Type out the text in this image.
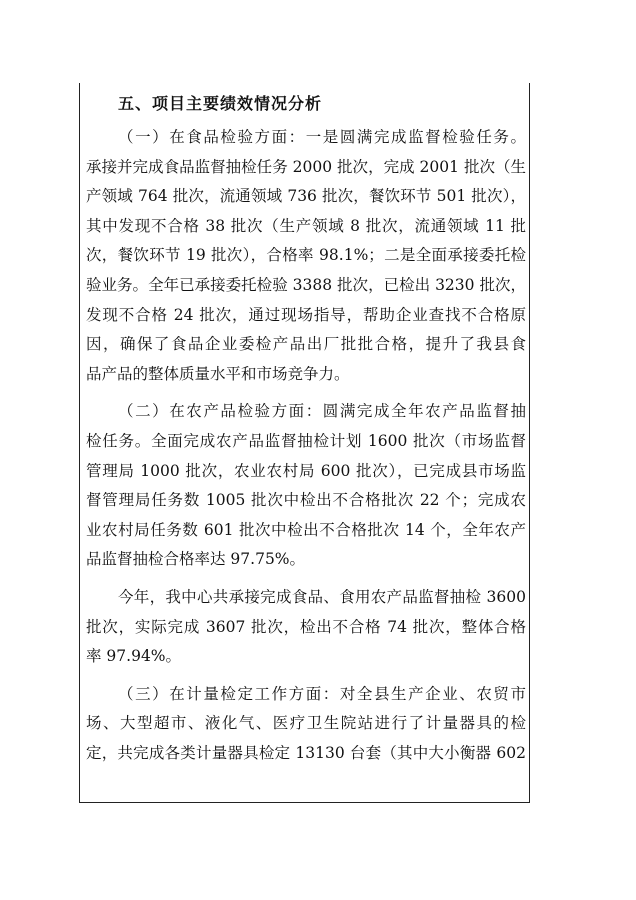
五、项目主要绩效情况分析

（一）在食品检验方面：一是圆满完成监督检验任务。
承接并完成食品监督抽检任务 2000 批次，完成 2001 批次（生
产领域 764 批次，流通领域 736 批次，餐饮环节 501 批次），
其中发现不合格 38 批次（生产领域 8 批次，流通领域 11 批
次，餐饮环节 19 批次），合格率 98.1%；二是全面承接委托检
验业务。全年已承接委托检验 3388 批次，已检出 3230 批次，
发现不合格 24 批次，通过现场指导，帮助企业查找不合格原
因，确保了食品企业委检产品出厂批批合格，提升了我县食
品产品的整体质量水平和市场竞争力。

（二）在农产品检验方面：圆满完成全年农产品监督抽
检任务。全面完成农产品监督抽检计划 1600 批次（市场监督
管理局 1000 批次，农业农村局 600 批次），已完成县市场监
督管理局任务数 1005 批次中检出不合格批次 22 个；完成农
业农村局任务数 601 批次中检出不合格批次 14 个，全年农产
品监督抽检合格率达 97.75%。

今年，我中心共承接完成食品、食用农产品监督抽检 3600
批次，实际完成 3607 批次，检出不合格 74 批次，整体合格
率 97.94%。

（三）在计量检定工作方面：对全县生产企业、农贸市
场、大型超市、液化气、医疗卫生院站进行了计量器具的检
定，共完成各类计量器具检定 13130 台套（其中大小衡器 602
